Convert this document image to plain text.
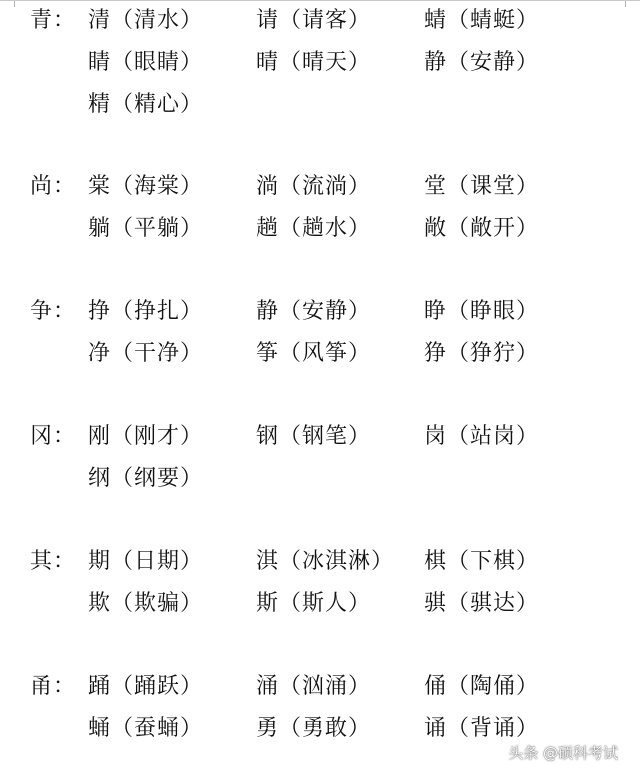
青： 清（清水） 请（请客） 蜻（蜻蜓）
睛（眼睛） 晴（晴天） 静（安静）
精（精心）
尚： 棠（海棠） 淌（流淌） 堂（课堂）
躺（平躺） 趟（趟水） 敞（敞开）
争： 挣（挣扎） 静（安静） 睁（睁眼）
净（干净） 筝（风筝） 狰（狰狞）
冈： 刚（刚才） 钢（钢笔） 岗（站岗）
纲（纲要）
其： 期（日期） 淇（冰淇淋） 棋（下棋）
欺（欺骗） 斯（斯人） 骐（骐达）
甬： 踊（踊跃） 涌（汹涌） 俑（陶俑）
蛹（蚕蛹） 勇（勇敢） 诵（背诵）
头条 @硕科考试
